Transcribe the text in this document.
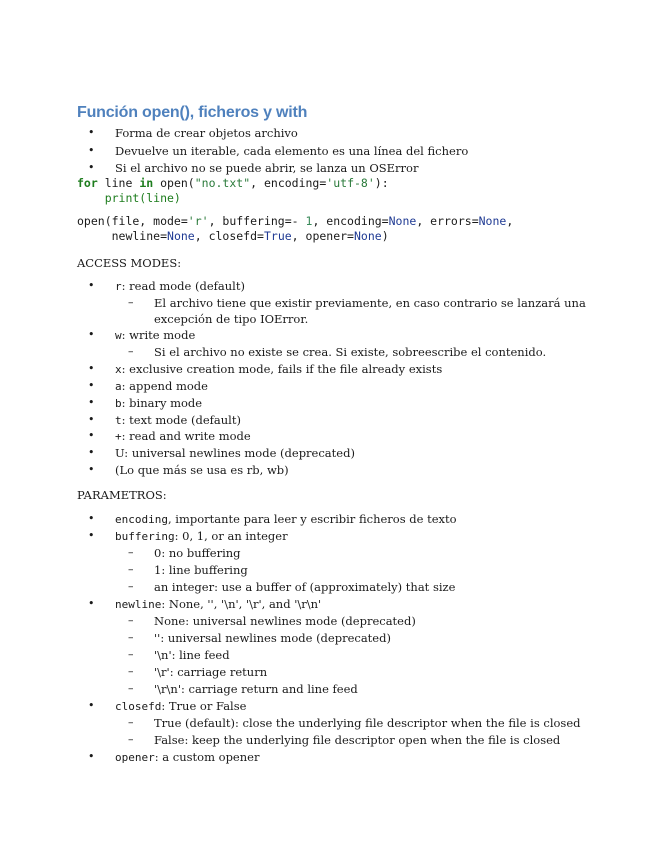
Función open(), ficheros y with
• Forma de crear objetos archivo
• Devuelve un iterable, cada elemento es una línea del fichero
• Si el archivo no se puede abrir, se lanza un OSError
for line in open("no.txt", encoding='utf-8'):
print(line)
open(file, mode='r', buffering=- 1, encoding=None, errors=None,
newline=None, closefd=True, opener=None)
ACCESS MODES:
• r: read mode (default)
– El archivo tiene que existir previamente, en caso contrario se lanzará una
excepción de tipo IOError.
• w: write mode
– Si el archivo no existe se crea. Si existe, sobreescribe el contenido.
• x: exclusive creation mode, fails if the file already exists
• a: append mode
• b: binary mode
• t: text mode (default)
• +: read and write mode
• U: universal newlines mode (deprecated)
• (Lo que más se usa es rb, wb)
PARAMETROS:
• encoding, importante para leer y escribir ficheros de texto
• buffering: 0, 1, or an integer
– 0: no buffering
– 1: line buffering
– an integer: use a buffer of (approximately) that size
• newline: None, '', '\n', '\r', and '\r\n'
– None: universal newlines mode (deprecated)
– '': universal newlines mode (deprecated)
– '\n': line feed
– '\r': carriage return
– '\r\n': carriage return and line feed
• closefd: True or False
– True (default): close the underlying file descriptor when the file is closed
– False: keep the underlying file descriptor open when the file is closed
• opener: a custom opener
